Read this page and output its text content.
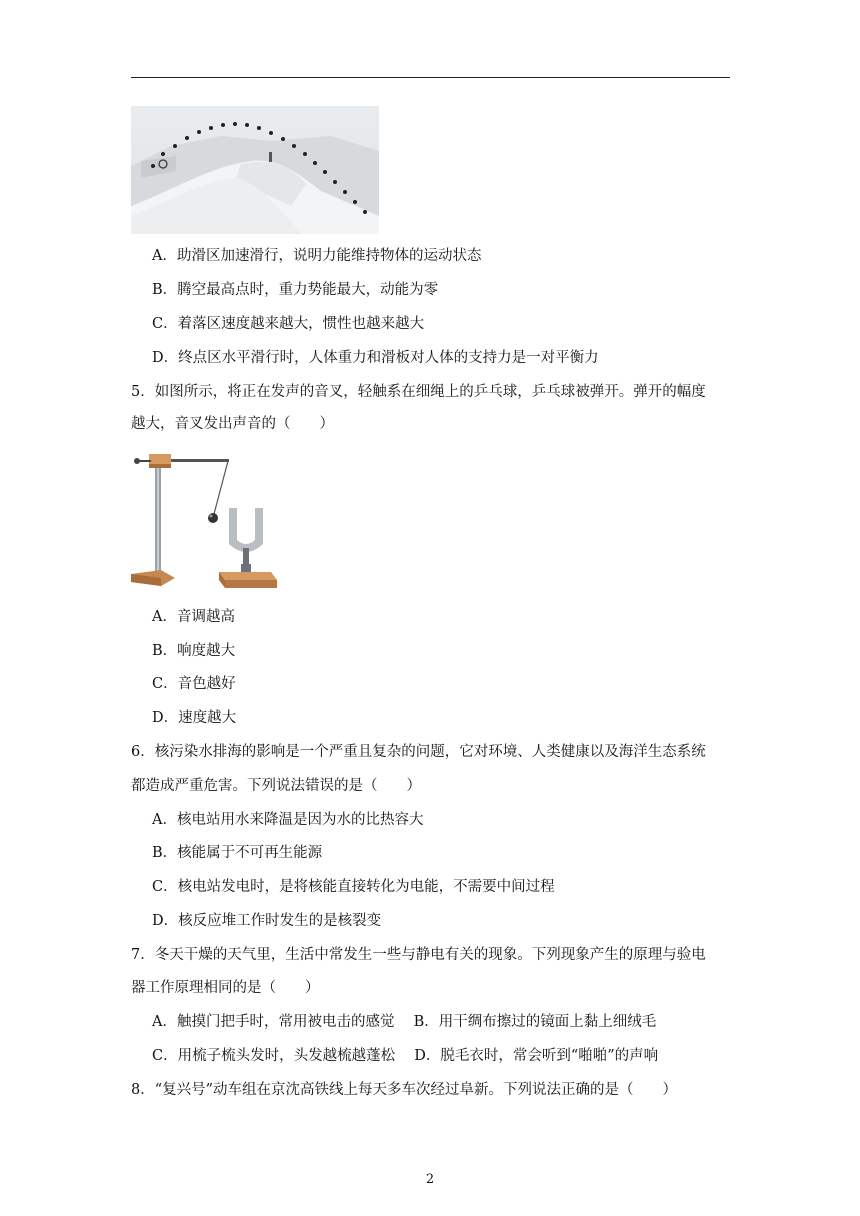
A．助滑区加速滑行，说明力能维持物体的运动状态
B．腾空最高点时，重力势能最大，动能为零
C．着落区速度越来越大，惯性也越来越大
D．终点区水平滑行时，人体重力和滑板对人体的支持力是一对平衡力
5．如图所示，将正在发声的音叉，轻触系在细绳上的乒乓球，乒乓球被弹开。弹开的幅度
越大，音叉发出声音的（　　）
A．音调越高
B．响度越大
C．音色越好
D．速度越大
6．核污染水排海的影响是一个严重且复杂的问题，它对环境、人类健康以及海洋生态系统
都造成严重危害。下列说法错误的是（　　）
A．核电站用水来降温是因为水的比热容大
B．核能属于不可再生能源
C．核电站发电时，是将核能直接转化为电能，不需要中间过程
D．核反应堆工作时发生的是核裂变
7．冬天干燥的天气里，生活中常发生一些与静电有关的现象。下列现象产生的原理与验电
器工作原理相同的是（　　）
A．触摸门把手时，常用被电击的感觉　 B．用干绸布擦过的镜面上黏上细绒毛
C．用梳子梳头发时，头发越梳越蓬松　 D．脱毛衣时，常会听到“啪啪”的声响
8．“复兴号”动车组在京沈高铁线上每天多车次经过阜新。下列说法正确的是（　　）
2
